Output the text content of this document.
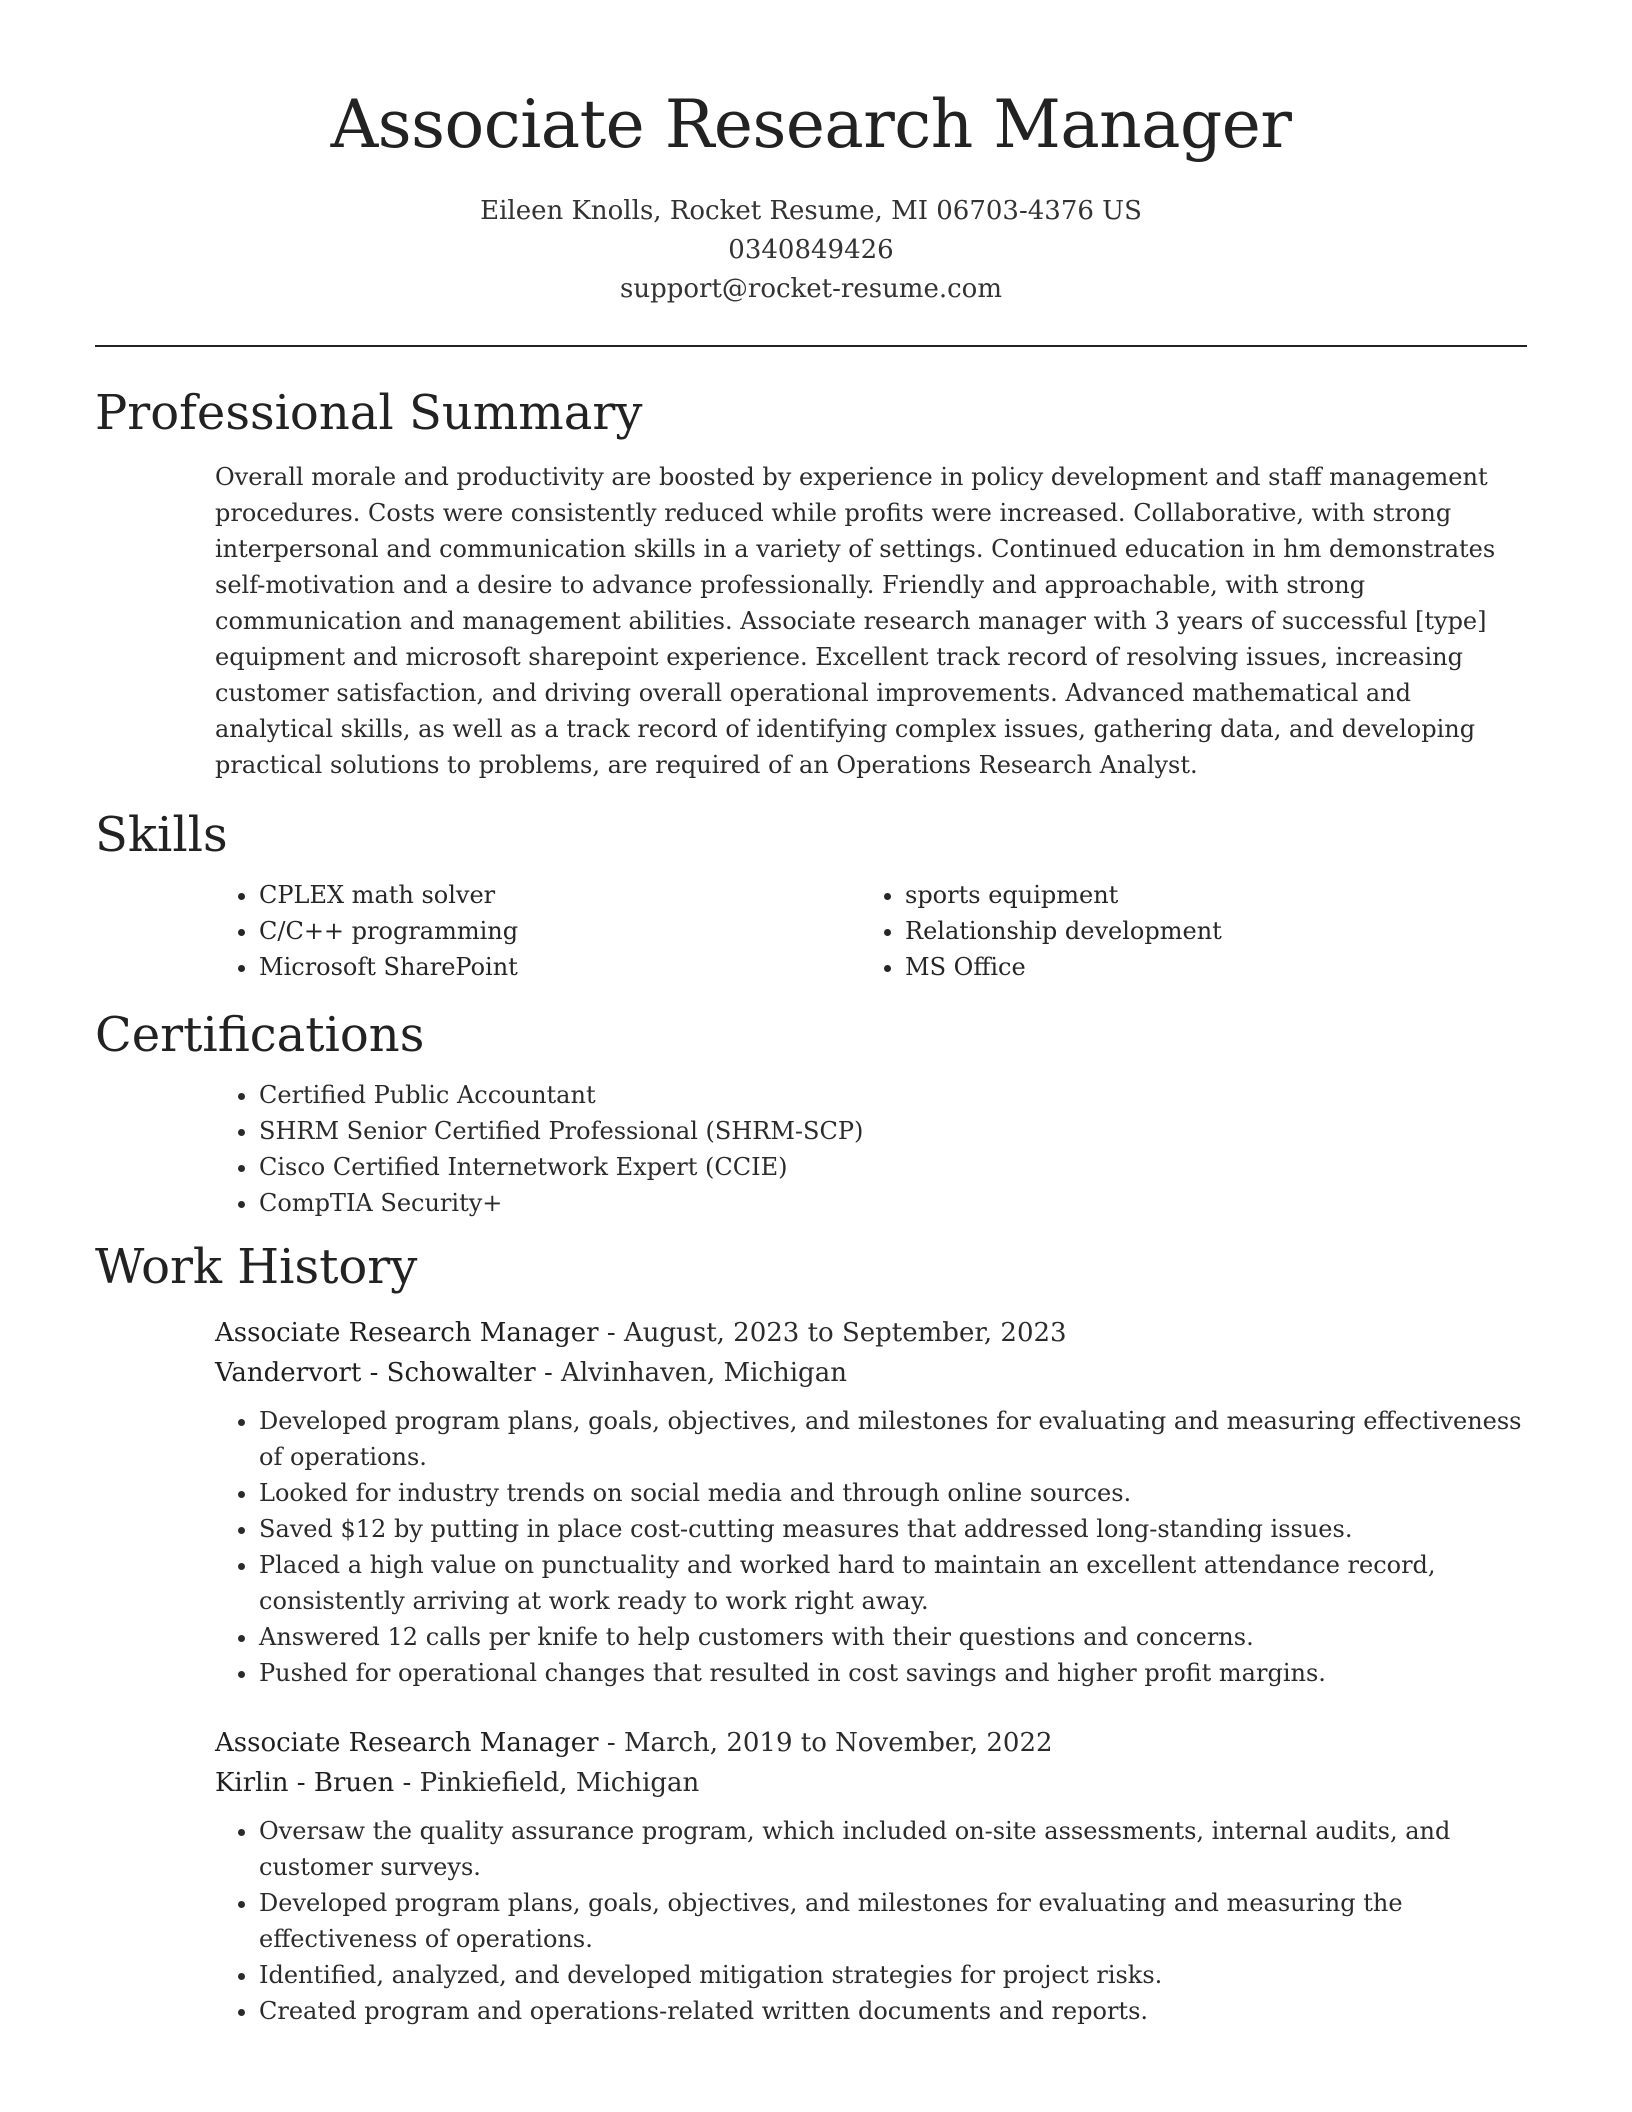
Associate Research Manager
Eileen Knolls, Rocket Resume, MI 06703-4376 US
0340849426
support@rocket-resume.com
Professional Summary
Overall morale and productivity are boosted by experience in policy development and staff management procedures. Costs were consistently reduced while profits were increased. Collaborative, with strong interpersonal and communication skills in a variety of settings. Continued education in hm demonstrates self-motivation and a desire to advance professionally. Friendly and approachable, with strong communication and management abilities. Associate research manager with 3 years of successful [type] equipment and microsoft sharepoint experience. Excellent track record of resolving issues, increasing customer satisfaction, and driving overall operational improvements. Advanced mathematical and analytical skills, as well as a track record of identifying complex issues, gathering data, and developing practical solutions to problems, are required of an Operations Research Analyst.
Skills
• CPLEX math solver
• C/C++ programming
• Microsoft SharePoint
• sports equipment
• Relationship development
• MS Office
Certifications
• Certified Public Accountant
• SHRM Senior Certified Professional (SHRM-SCP)
• Cisco Certified Internetwork Expert (CCIE)
• CompTIA Security+
Work History
Associate Research Manager - August, 2023 to September, 2023
Vandervort - Schowalter - Alvinhaven, Michigan
• Developed program plans, goals, objectives, and milestones for evaluating and measuring effectiveness of operations.
• Looked for industry trends on social media and through online sources.
• Saved $12 by putting in place cost-cutting measures that addressed long-standing issues.
• Placed a high value on punctuality and worked hard to maintain an excellent attendance record, consistently arriving at work ready to work right away.
• Answered 12 calls per knife to help customers with their questions and concerns.
• Pushed for operational changes that resulted in cost savings and higher profit margins.
Associate Research Manager - March, 2019 to November, 2022
Kirlin - Bruen - Pinkiefield, Michigan
• Oversaw the quality assurance program, which included on-site assessments, internal audits, and customer surveys.
• Developed program plans, goals, objectives, and milestones for evaluating and measuring the effectiveness of operations.
• Identified, analyzed, and developed mitigation strategies for project risks.
• Created program and operations-related written documents and reports.
